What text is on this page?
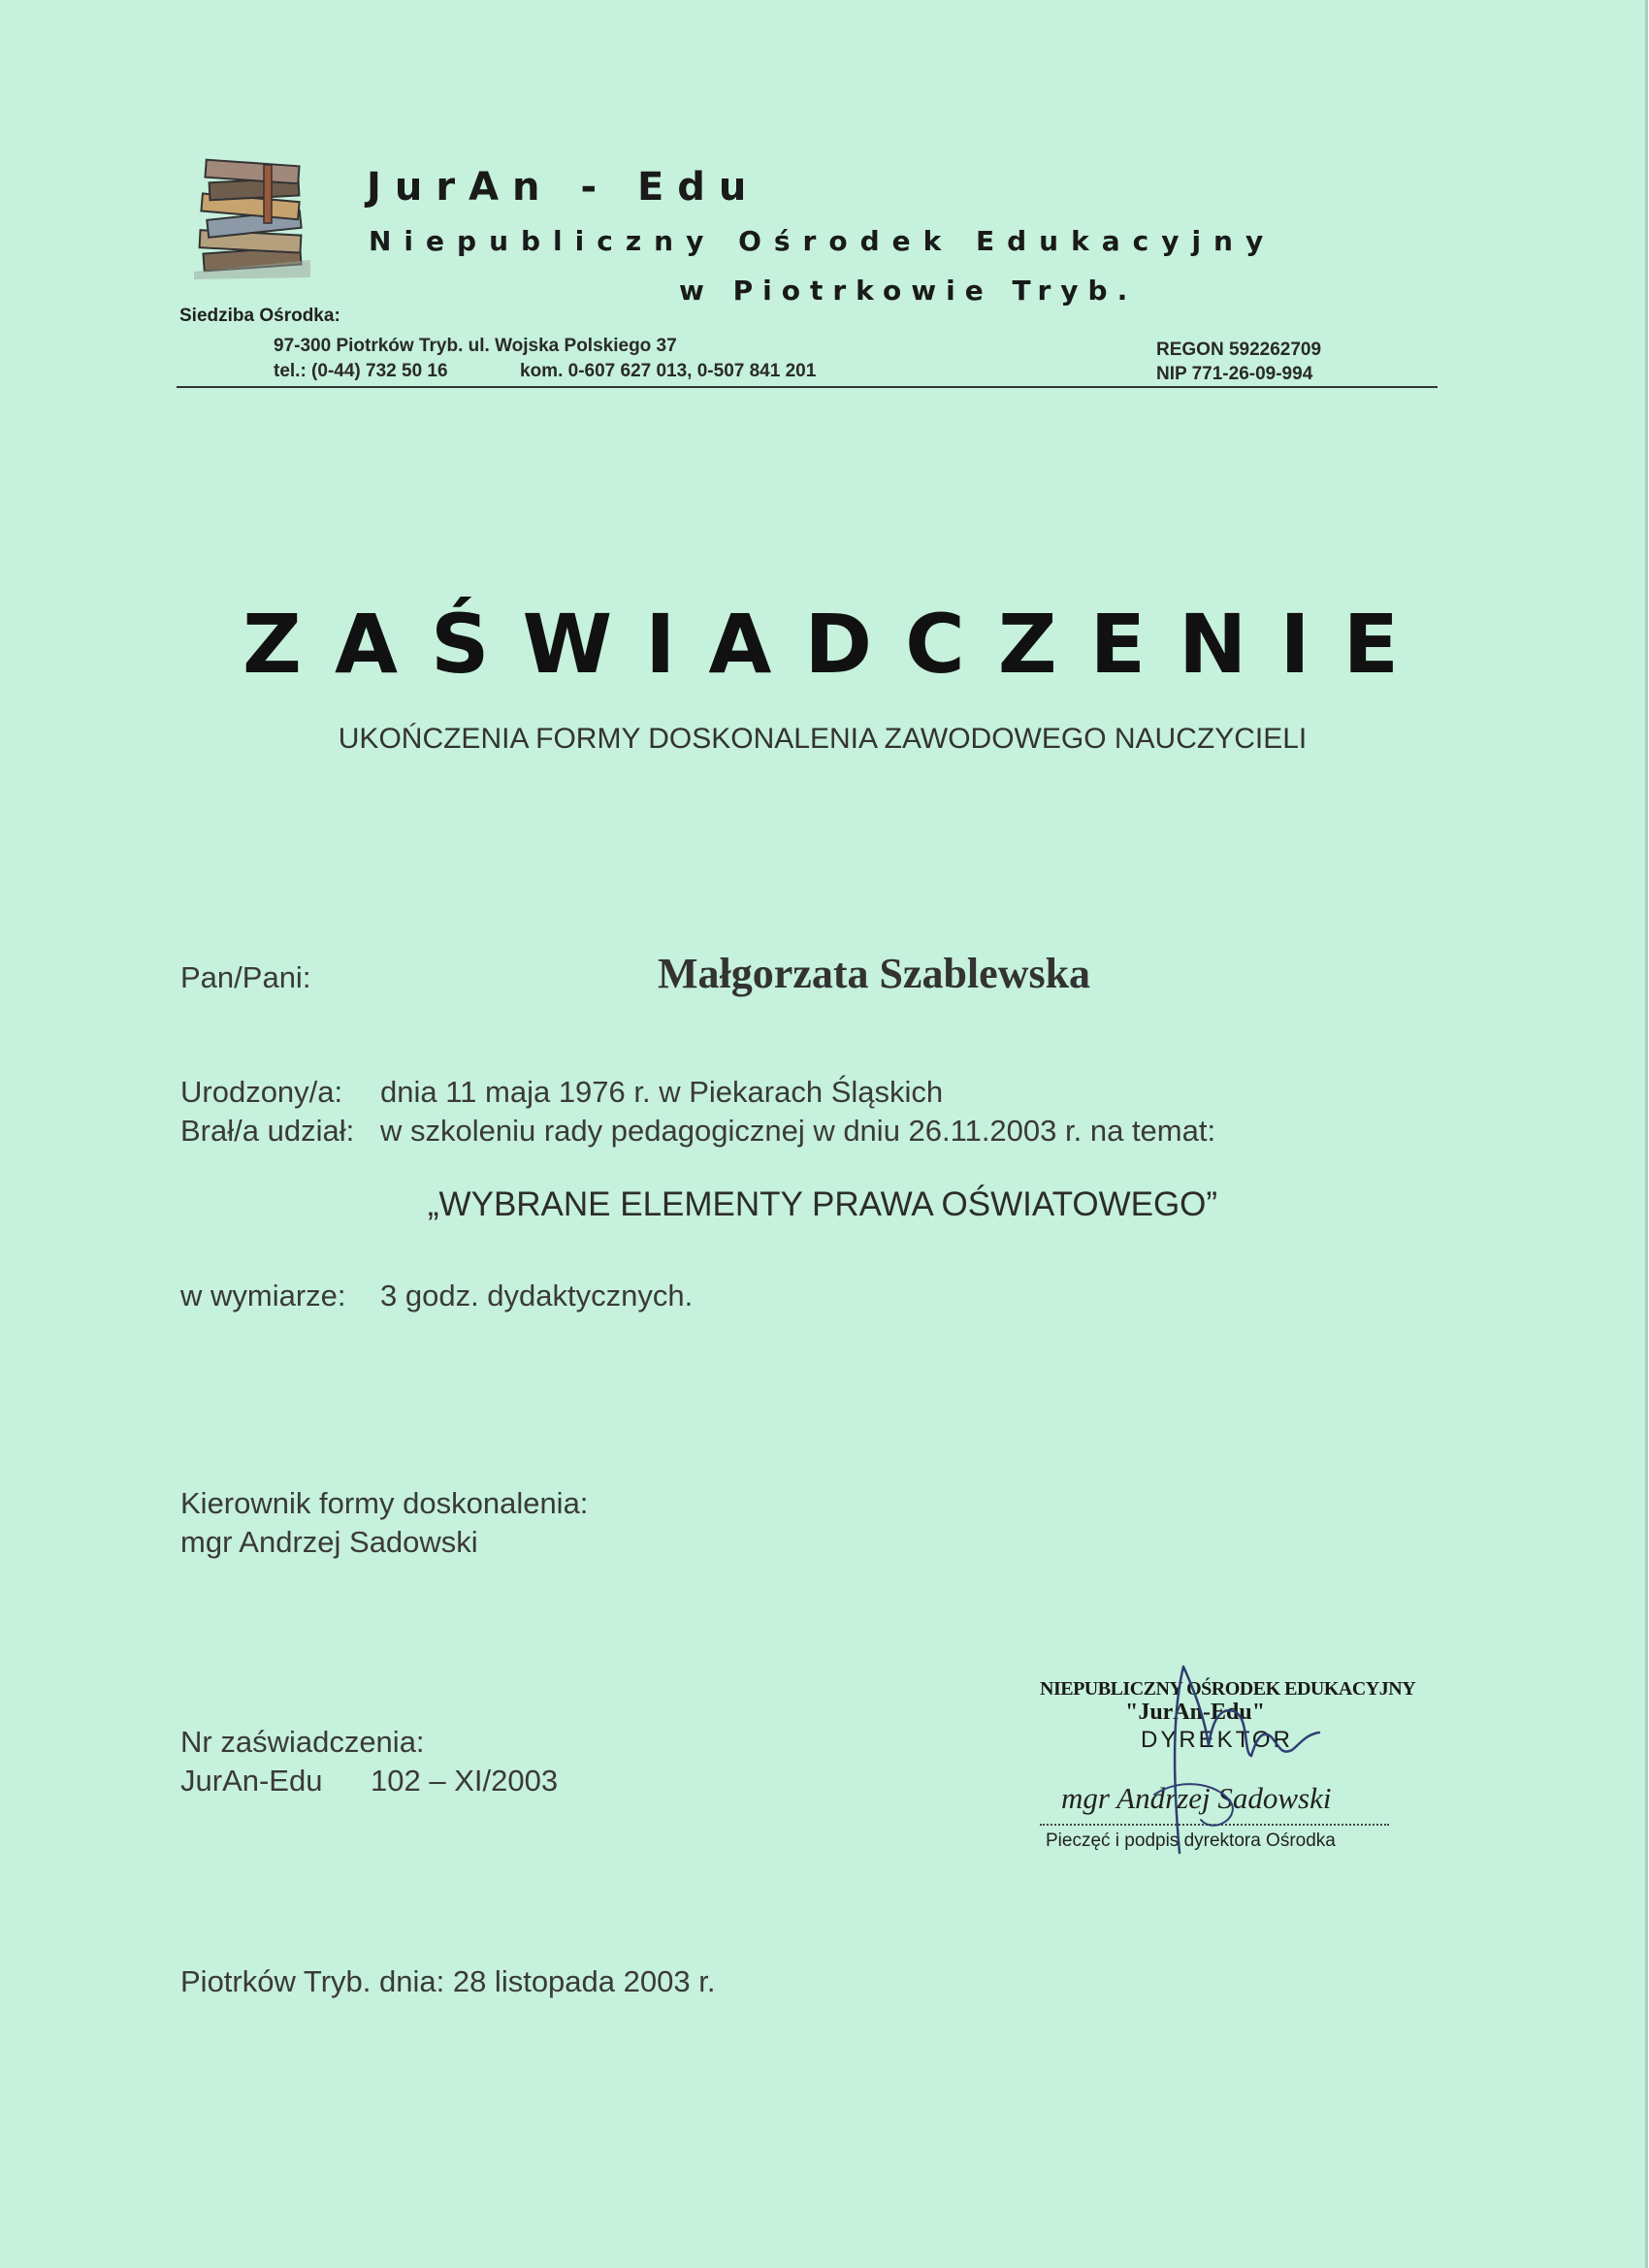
JurAn - Edu
Niepubliczny Ośrodek Edukacyjny
w Piotrkowie Tryb.
Siedziba Ośrodka:
97-300 Piotrków Tryb. ul. Wojska Polskiego 37
tel.: (0-44) 732 50 16	kom. 0-607 627 013, 0-507 841 201
REGON 592262709
NIP 771-26-09-994
ZAŚWIADCZENIE
UKOŃCZENIA FORMY DOSKONALENIA ZAWODOWEGO NAUCZYCIELI
Pan/Pani:	Małgorzata Szablewska
Urodzony/a: dnia 11 maja 1976 r. w Piekarach Śląskich
Brał/a udział: w szkoleniu rady pedagogicznej w dniu 26.11.2003 r. na temat:
„WYBRANE ELEMENTY PRAWA OŚWIATOWEGO”
w wymiarze: 3 godz. dydaktycznych.
Kierownik formy doskonalenia:
mgr Andrzej Sadowski
Nr zaświadczenia:
JurAn-Edu 102 – XI/2003
Piotrków Tryb. dnia: 28 listopada 2003 r.
NIEPUBLICZNY OŚRODEK EDUKACYJNY
"JurAn-Edu"
DYREKTOR
mgr Andrzej Sadowski
Pieczęć i podpis dyrektora Ośrodka
